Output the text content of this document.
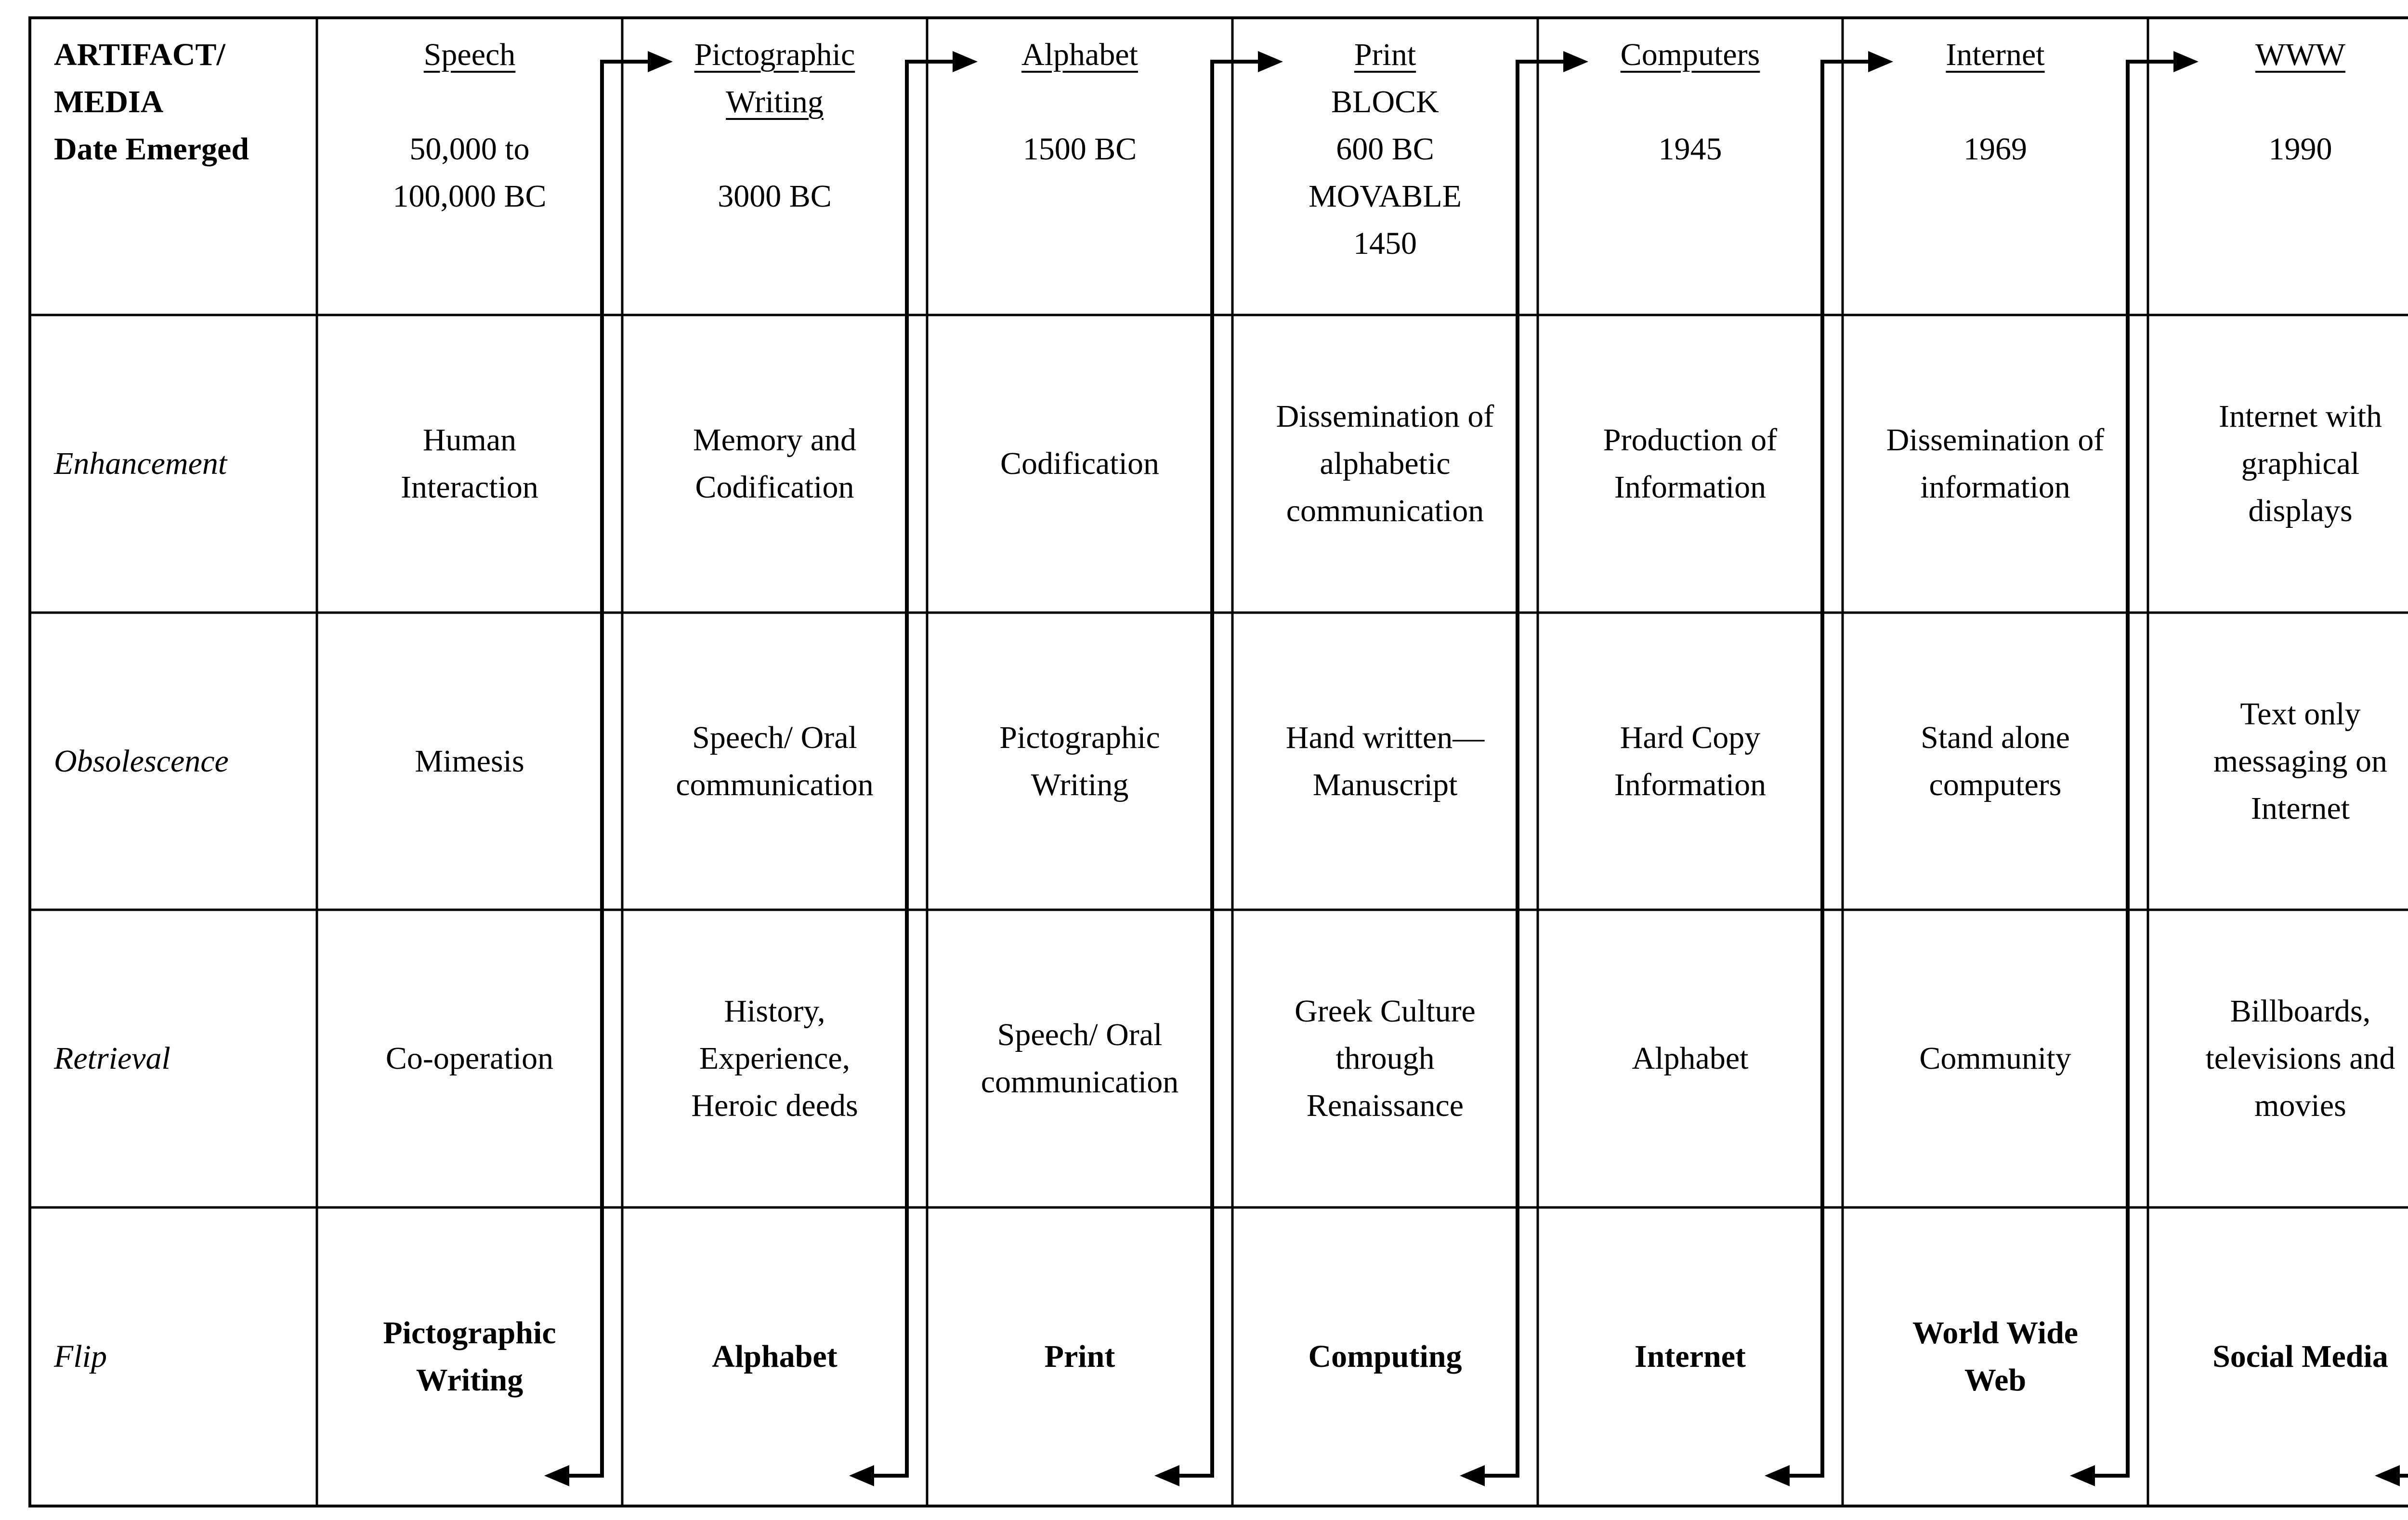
ARTIFACT/
MEDIA
Date Emerged
Enhancement
Obsolescence
Retrieval
Flip
Speech
50,000 to
100,000 BC
Human
Interaction
Mimesis
Co-operation
Pictographic
Writing
Pictographic
Writing
3000 BC
Memory and
Codification
Speech/ Oral
communication
History,
Experience,
Heroic deeds
Alphabet
Alphabet
1500 BC
Codification
Pictographic
Writing
Speech/ Oral
communication
Print
Print
BLOCK
600 BC
MOVABLE
1450
Dissemination of
alphabetic
communication
Hand written—
Manuscript
Greek Culture
through
Renaissance
Computing
Computers
1945
Production of
Information
Hard Copy
Information
Alphabet
Internet
Internet
1969
Dissemination of
information
Stand alone
computers
Community
World Wide
Web
WWW
1990
Internet with
graphical
displays
Text only
messaging on
Internet
Billboards,
televisions and
movies
Social Media
